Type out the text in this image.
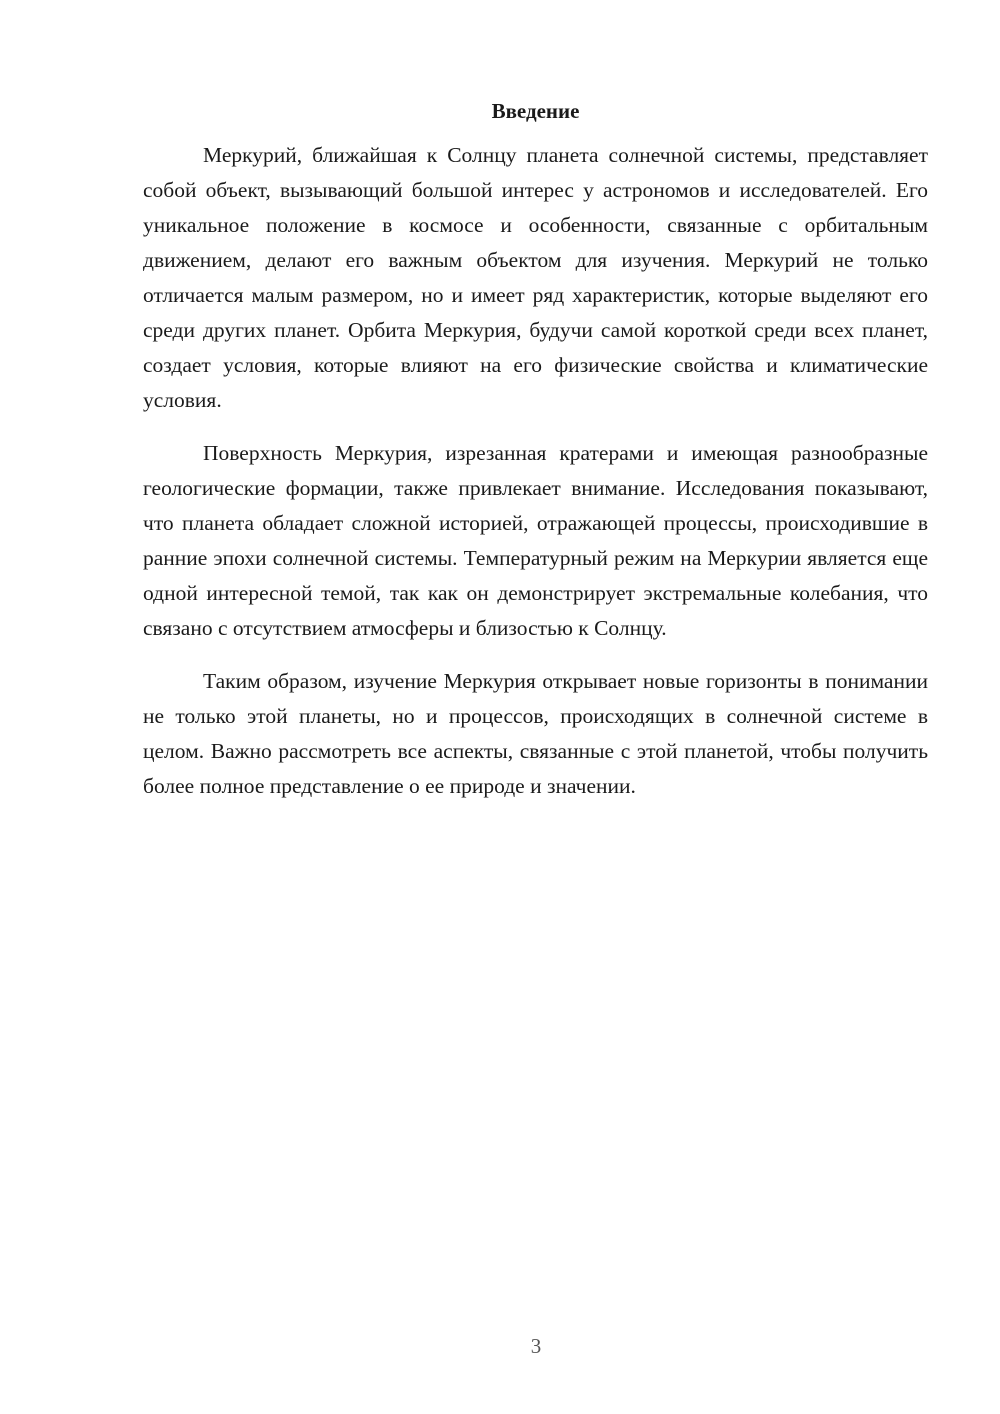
Введение

Меркурий, ближайшая к Солнцу планета солнечной системы, представляет собой объект, вызывающий большой интерес у астрономов и исследователей. Его уникальное положение в космосе и особенности, связанные с орбитальным движением, делают его важным объектом для изучения. Меркурий не только отличается малым размером, но и имеет ряд характеристик, которые выделяют его среди других планет. Орбита Меркурия, будучи самой короткой среди всех планет, создает условия, которые влияют на его физические свойства и климатические условия.

Поверхность Меркурия, изрезанная кратерами и имеющая разнообразные геологические формации, также привлекает внимание. Исследования показывают, что планета обладает сложной историей, отражающей процессы, происходившие в ранние эпохи солнечной системы. Температурный режим на Меркурии является еще одной интересной темой, так как он демонстрирует экстремальные колебания, что связано с отсутствием атмосферы и близостью к Солнцу.

Таким образом, изучение Меркурия открывает новые горизонты в понимании не только этой планеты, но и процессов, происходящих в солнечной системе в целом. Важно рассмотреть все аспекты, связанные с этой планетой, чтобы получить более полное представление о ее природе и значении.

3
